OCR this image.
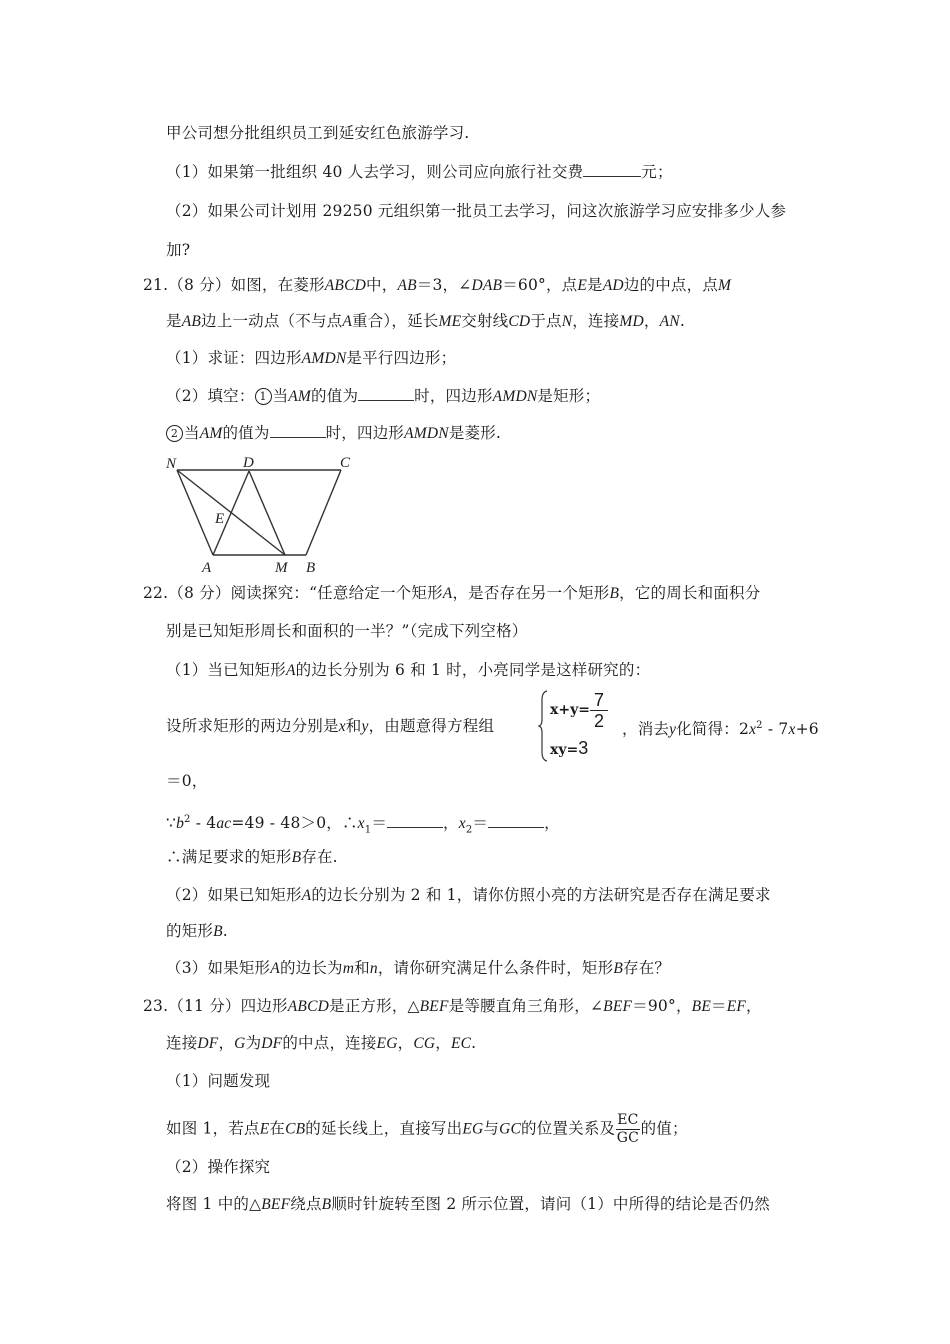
甲公司想分批组织员工到延安红色旅游学习.
（1）如果第一批组织 40 人去学习，则公司应向旅行社交费	元；
（2）如果公司计划用 29250 元组织第一批员工去学习，问这次旅游学习应安排多少人参
加?
21.（8 分）如图，在菱形ABCD中，AB＝3，∠DAB＝60°，点E是AD边的中点，点M
是AB边上一动点（不与点A重合），延长ME交射线CD于点N，连接MD，AN.
（1）求证：四边形AMDN是平行四边形；
（2）填空： 1 当AM的值为	时，四边形AMDN是矩形；
2 当AM的值为	时，四边形AMDN是菱形.
N	D	C
E
A	M B
22.（8 分）阅读探究：“任意给定一个矩形A，是否存在另一个矩形B，它的周长和面积分
别是已知矩形周长和面积的一半？”（完成下列空格）
（1）当已知矩形A的边长分别为 6 和 1 时，小亮同学是这样研究的：
设所求矩形的两边分别是x和y，由题意得方程组
$x+y= \frac{7}{2}$
xy=3
，消去y化简得：$2x^2 - 7x+6$
＝0，
$\because b^2 - 4ac=49 - 48>0$，$\therefore x_1=$	，$x_2=$	，
∴满足要求的矩形B存在.
（2）如果已知矩形A的边长分别为 2 和 1，请你仿照小亮的方法研究是否存在满足要求
的矩形B.
（3）如果矩形A的边长为m和n，请你研究满足什么条件时，矩形B存在？
23.（11 分）四边形ABCD是正方形，△BEF是等腰直角三角形，∠BEF＝90°，BE＝EF，
连接DF，G为DF的中点，连接EG，CG，EC.
（1）问题发现
如图 1，若点E在CB的延长线上，直接写出EG与GC的位置关系及 $\frac{EC}{GC}$ 的值；
（2）操作探究
将图 1 中的△BEF绕点B顺时针旋转至图 2 所示位置，请问（1）中所得的结论是否仍然
